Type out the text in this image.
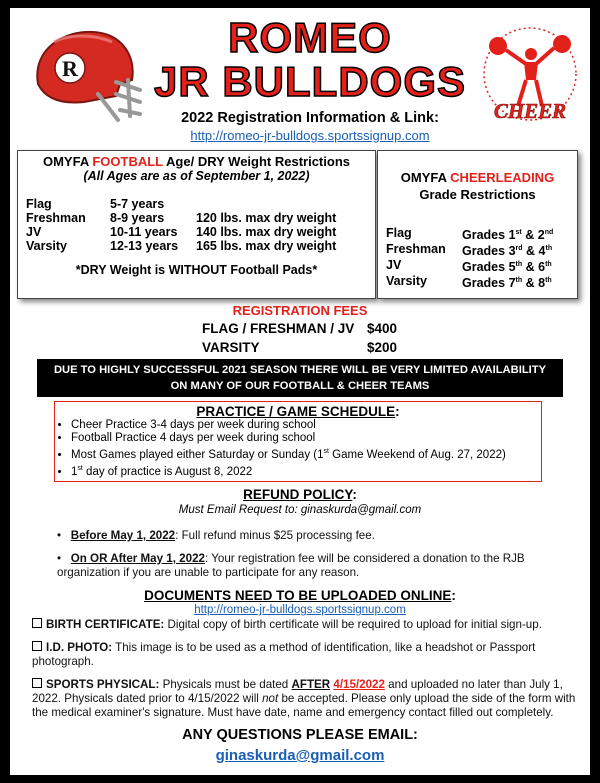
R
CHEER
ROMEO
JR BULLDOGS
2022 Registration Information & Link:
http://romeo-jr-bulldogs.sportssignup.com
OMYFA FOOTBALL Age/ DRY Weight Restrictions
(All Ages are as of September 1, 2022)
Flag	5-7 years
Freshman	8-9 years	120 lbs. max dry weight
JV	10-11 years	140 lbs. max dry weight
Varsity	12-13 years	165 lbs. max dry weight
*DRY Weight is WITHOUT Football Pads*
OMYFA CHEERLEADING
Grade Restrictions
Flag	Grades 1st & 2nd
Freshman	Grades 3rd & 4th
JV	Grades 5th & 6th
Varsity	Grades 7th & 8th
REGISTRATION FEES
FLAG / FRESHMAN / JV $400
VARSITY	$200
DUE TO HIGHLY SUCCESSFUL 2021 SEASON THERE WILL BE VERY LIMITED AVAILABILITY
ON MANY OF OUR FOOTBALL & CHEER TEAMS
PRACTICE / GAME SCHEDULE:
• Cheer Practice 3-4 days per week during school
• Football Practice 4 days per week during school
• Most Games played either Saturday or Sunday (1st Game Weekend of Aug. 27, 2022)
• 1st day of practice is August 8, 2022
REFUND POLICY:
Must Email Request to: ginaskurda@gmail.com
•   Before May 1, 2022: Full refund minus $25 processing fee.
•   On OR After May 1, 2022: Your registration fee will be considered a donation to the RJB organization if you are unable to participate for any reason.
DOCUMENTS NEED TO BE UPLOADED ONLINE:
http://romeo-jr-bulldogs.sportssignup.com
BIRTH CERTIFICATE: Digital copy of birth certificate will be required to upload for initial sign-up.
I.D. PHOTO: This image is to be used as a method of identification, like a headshot or Passport photograph.
SPORTS PHYSICAL: Physicals must be dated AFTER 4/15/2022 and uploaded no later than July 1, 2022. Physicals dated prior to 4/15/2022 will not be accepted. Please only upload the side of the form with the medical examiner's signature. Must have date, name and emergency contact filled out completely.
ANY QUESTIONS PLEASE EMAIL:
ginaskurda@gmail.com
